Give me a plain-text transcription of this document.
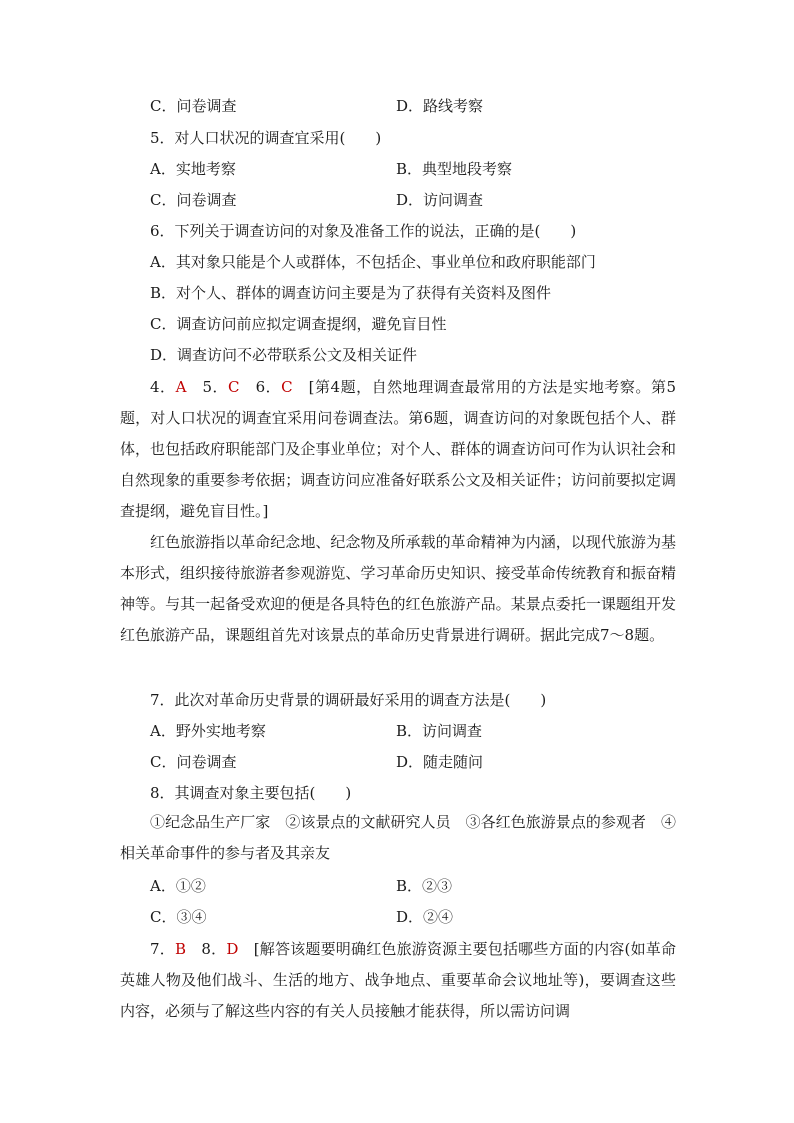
C．问卷调查	D．路线考察
5．对人口状况的调查宜采用(　　)
A．实地考察	B．典型地段考察
C．问卷调查	D．访问调查
6．下列关于调查访问的对象及准备工作的说法，正确的是(　　)
A．其对象只能是个人或群体，不包括企、事业单位和政府职能部门
B．对个人、群体的调查访问主要是为了获得有关资料及图件
C．调查访问前应拟定调查提纲，避免盲目性
D．调查访问不必带联系公文及相关证件

4．A　5．C　6．C　[第4题，自然地理调查最常用的方法是实地考察。第5题，对人口状况的调查宜采用问卷调查法。第6题，调查访问的对象既包括个人、群体，也包括政府职能部门及企事业单位；对个人、群体的调查访问可作为认识社会和自然现象的重要参考依据；调查访问应准备好联系公文及相关证件；访问前要拟定调查提纲，避免盲目性。]

　　红色旅游指以革命纪念地、纪念物及所承载的革命精神为内涵，以现代旅游为基本形式，组织接待旅游者参观游览、学习革命历史知识、接受革命传统教育和振奋精神等。与其一起备受欢迎的便是各具特色的红色旅游产品。某景点委托一课题组开发红色旅游产品，课题组首先对该景点的革命历史背景进行调研。据此完成7～8题。

7．此次对革命历史背景的调研最好采用的调查方法是(　　)
A．野外实地考察	B．访问调查
C．问卷调查	D．随走随问
8．其调查对象主要包括(　　)

　　①纪念品生产厂家　②该景点的文献研究人员　③各红色旅游景点的参观者　④相关革命事件的参与者及其亲友

A．①②	B．②③
C．③④	D．②④

7．B　8．D　[解答该题要明确红色旅游资源主要包括哪些方面的内容(如革命英雄人物及他们战斗、生活的地方、战争地点、重要革命会议地址等)，要调查这些内容，必须与了解这些内容的有关人员接触才能获得，所以需访问调
